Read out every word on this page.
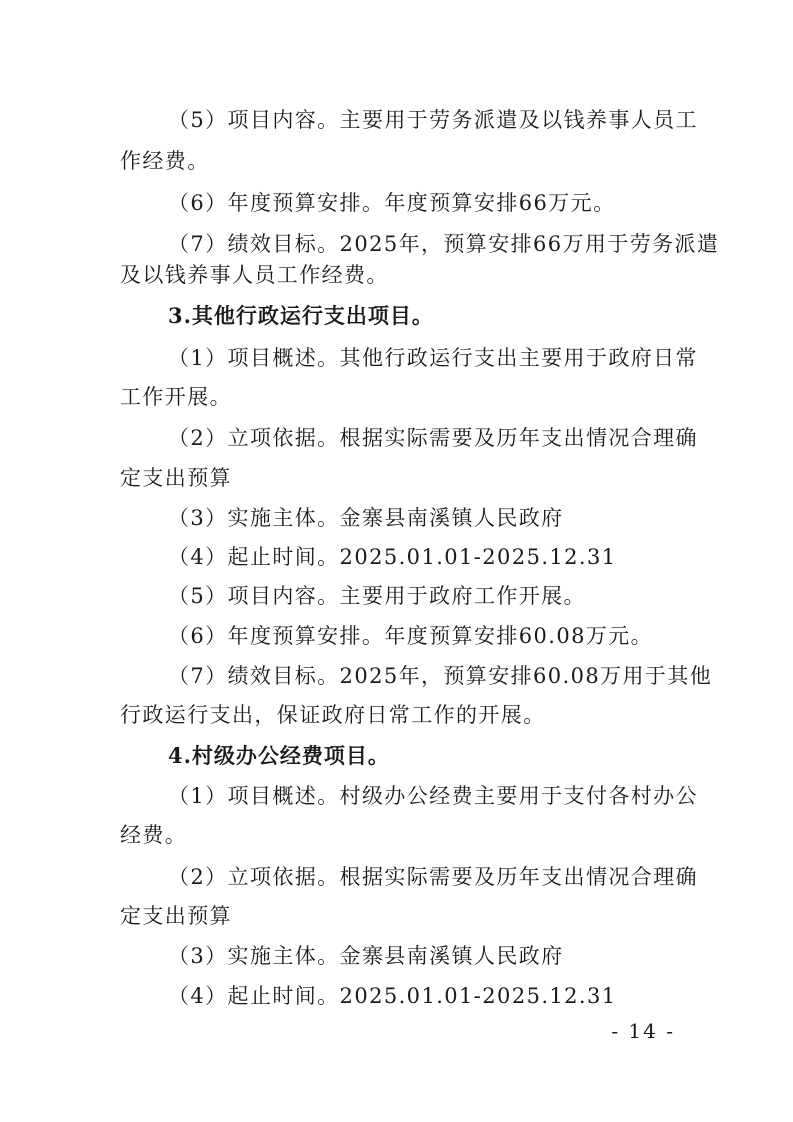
（5）项目内容。主要用于劳务派遣及以钱养事人员工
作经费。
（6）年度预算安排。年度预算安排66万元。
（7）绩效目标。2025年，预算安排66万用于劳务派遣
及以钱养事人员工作经费。
3.其他行政运行支出项目。
（1）项目概述。其他行政运行支出主要用于政府日常
工作开展。
（2）立项依据。根据实际需要及历年支出情况合理确
定支出预算
（3）实施主体。金寨县南溪镇人民政府
（4）起止时间。2025.01.01-2025.12.31
（5）项目内容。主要用于政府工作开展。
（6）年度预算安排。年度预算安排60.08万元。
（7）绩效目标。2025年，预算安排60.08万用于其他
行政运行支出，保证政府日常工作的开展。
4.村级办公经费项目。
（1）项目概述。村级办公经费主要用于支付各村办公
经费。
（2）立项依据。根据实际需要及历年支出情况合理确
定支出预算
（3）实施主体。金寨县南溪镇人民政府
（4）起止时间。2025.01.01-2025.12.31
- 14 -
